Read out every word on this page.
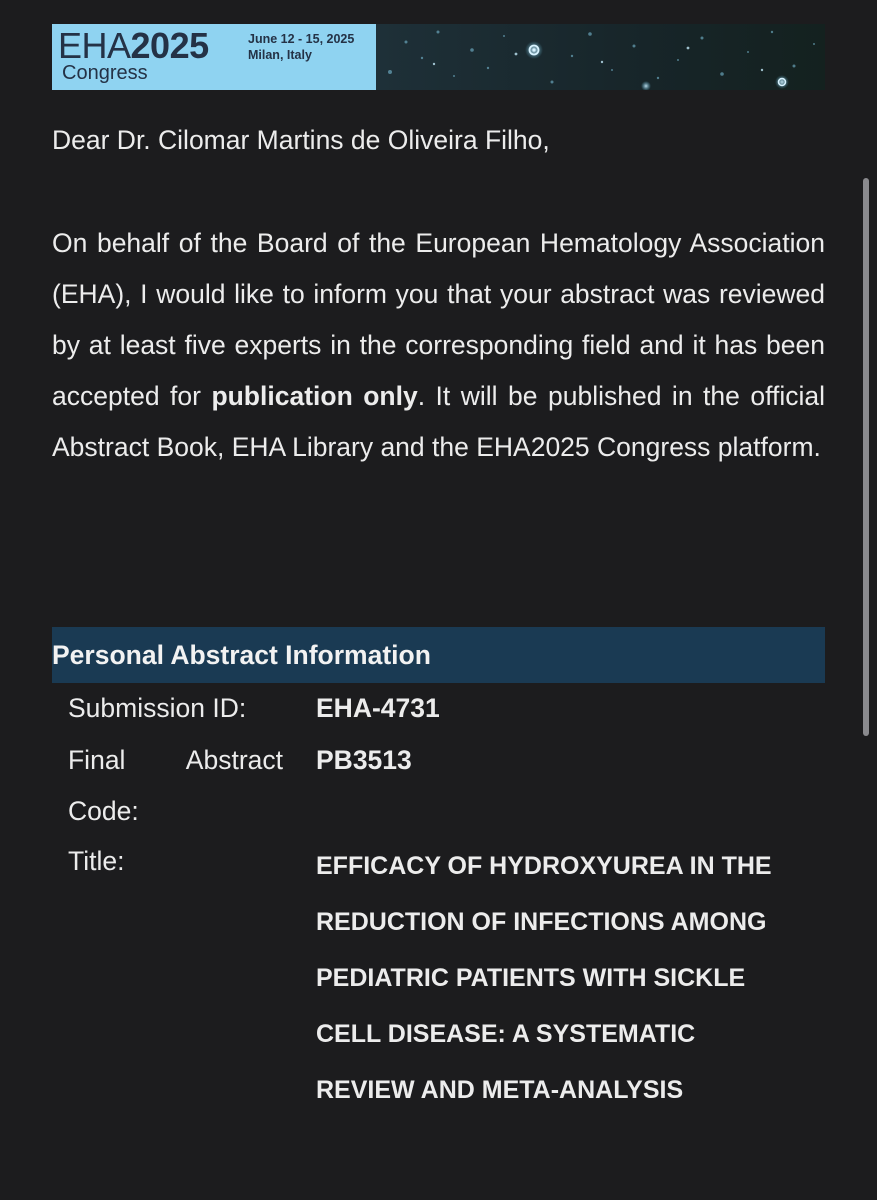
EHA2025
Congress
June 12 - 15, 2025
Milan, Italy

Dear Dr. Cilomar Martins de Oliveira Filho,

On behalf of the Board of the European Hematology Association (EHA), I would like to inform you that your abstract was reviewed by at least five experts in the corresponding field and it has been accepted for publication only. It will be published in the official Abstract Book, EHA Library and the EHA2025 Congress platform.

Personal Abstract Information
Submission ID:	EHA-4731
Final Abstract Code:
PB3513
Title:	EFFICACY OF HYDROXYUREA IN THE REDUCTION OF INFECTIONS AMONG PEDIATRIC PATIENTS WITH SICKLE CELL DISEASE: A SYSTEMATIC REVIEW AND META-ANALYSIS
